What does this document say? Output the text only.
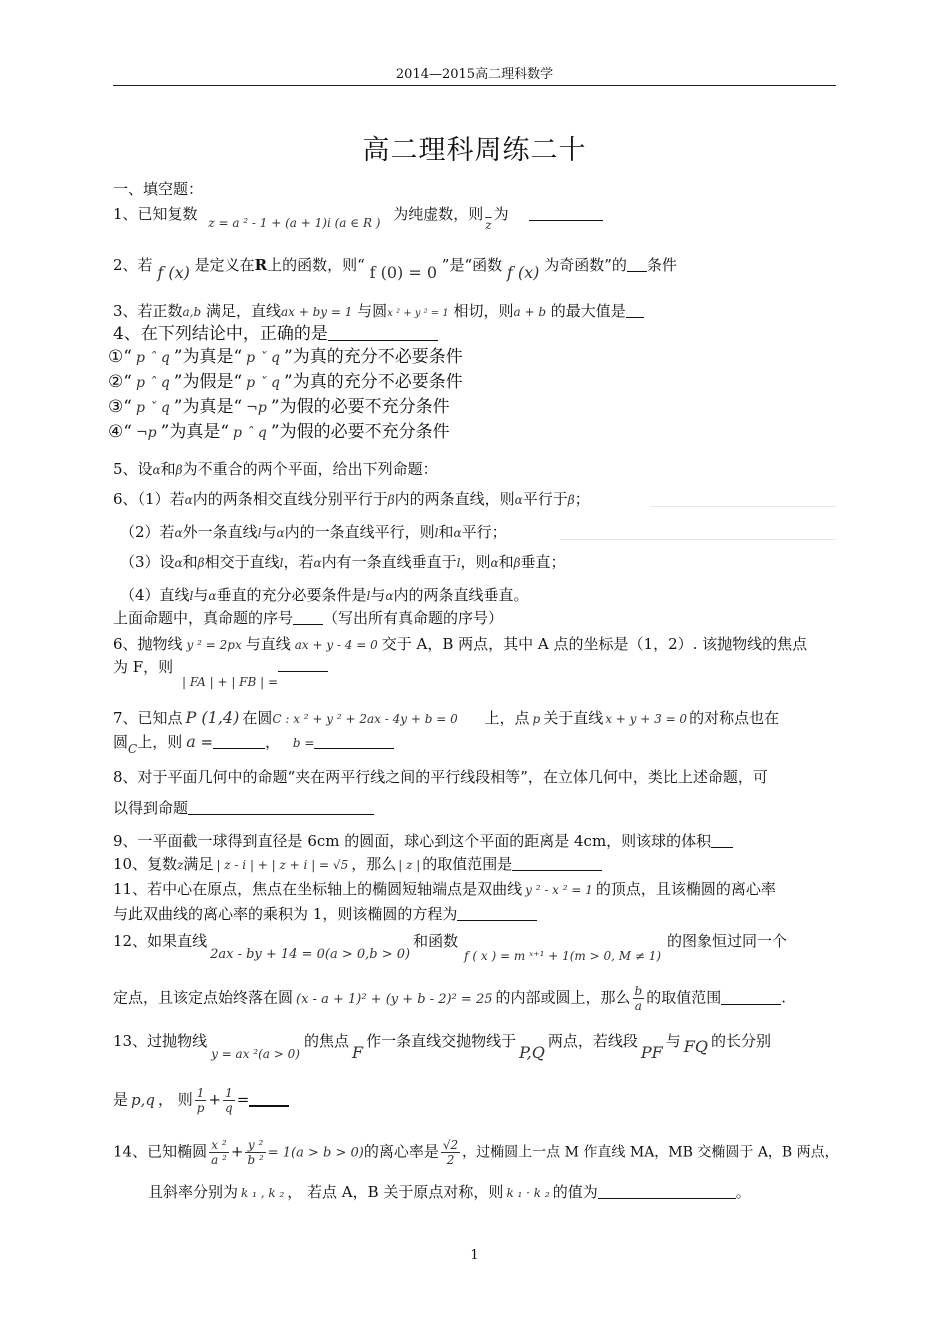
2014—2015高二理科数学
高二理科周练二十
一、填空题：
1、已知复数 $_{z = a ^2 - 1 + (a + 1)i (a \in R )}$ 为纯虚数，则$_{\overline{z}}$为
2、若 f (x) 是定义在R上的函数，则“ f (0) = 0 ”是“函数 f (x) 为奇函数”的 条件
3、若正数a,b 满足，直线ax + by = 1 与圆x ² + y ² = 1 相切，则a + b 的最大值是
4、在下列结论中，正确的是
①“ p ˆ q ”为真是“ p ˇ q ”为真的充分不必要条件
②“ p ˆ q ”为假是“ p ˇ q ”为真的充分不必要条件
③“ p ˇ q ”为真是“ ¬p ”为假的必要不充分条件
④“ ¬p ”为真是“ p ˆ q ”为假的必要不充分条件
5、设α和β为不重合的两个平面，给出下列命题：
6、（1）若α内的两条相交直线分别平行于β内的两条直线，则α平行于β；
（2）若α外一条直线l与α内的一条直线平行，则l和α平行；
（3）设α和β相交于直线l，若α内有一条直线垂直于l，则α和β垂直；
（4）直线l与α垂直的充分必要条件是l与α内的两条直线垂直。
上面命题中，真命题的序号 （写出所有真命题的序号）
6、抛物线 y ² = 2px 与直线 ax + y - 4 = 0 交于 A，B 两点，其中 A 点的坐标是（1，2）. 该抛物线的焦点
为 F，则 $_{| FA | + | FB | =}$
7、已知点 P (1,4) 在圆C : x ² + y ² + 2ax - 4y + b = 0 上，点 p 关于直线 x + y + 3 = 0 的对称点也在
圆$_C$上，则 a =	， b =
8、对于平面几何中的命题“夹在两平行线之间的平行线段相等”，在立体几何中，类比上述命题，可
以得到命题
9、一平面截一球得到直径是 6cm 的圆面，球心到这个平面的距离是 4cm，则该球的体积
10、复数z满足 | z - i | + | z + i | = √5 ，那么 | z | 的取值范围是
11、若中心在原点，焦点在坐标轴上的椭圆短轴端点是双曲线 y ² - x ² = 1 的顶点，且该椭圆的离心率
与此双曲线的离心率的乘积为 1，则该椭圆的方程为
12、如果直线2ax - by + 14 = 0(a > 0,b > 0)和函数$_{f ( x ) = m ˣ^{+1} + 1(m > 0, M \ne 1)}$的图象恒过同一个
定点，且该定点始终落在圆 (x - a + 1)² + (y + b - 2)² = 25 的内部或圆上，那么 $\frac{b}{a}$ 的取值范围	.
13、过抛物线$_{y = ax ^2(a > 0)}$的焦点F作一条直线交抛物线于P,Q两点，若线段PF与 FQ 的长分别
是 p,q ， 则 $\frac{1}{p} + \frac{1}{q}$ =
14、已知椭圆 $\frac{\text{x ²}}{\text{a ²}} + \frac{\text{y ²}}{\text{b ²}} = 1(a > b > 0)$的离心率是 $\frac{√2}{2}$ ，过椭圆上一点 M 作直线 MA，MB 交椭圆于 A，B 两点，
且斜率分别为 k ₁ , k ₂ ， 若点 A，B 关于原点对称，则 k ₁ · k ₂ 的值为	。
1
